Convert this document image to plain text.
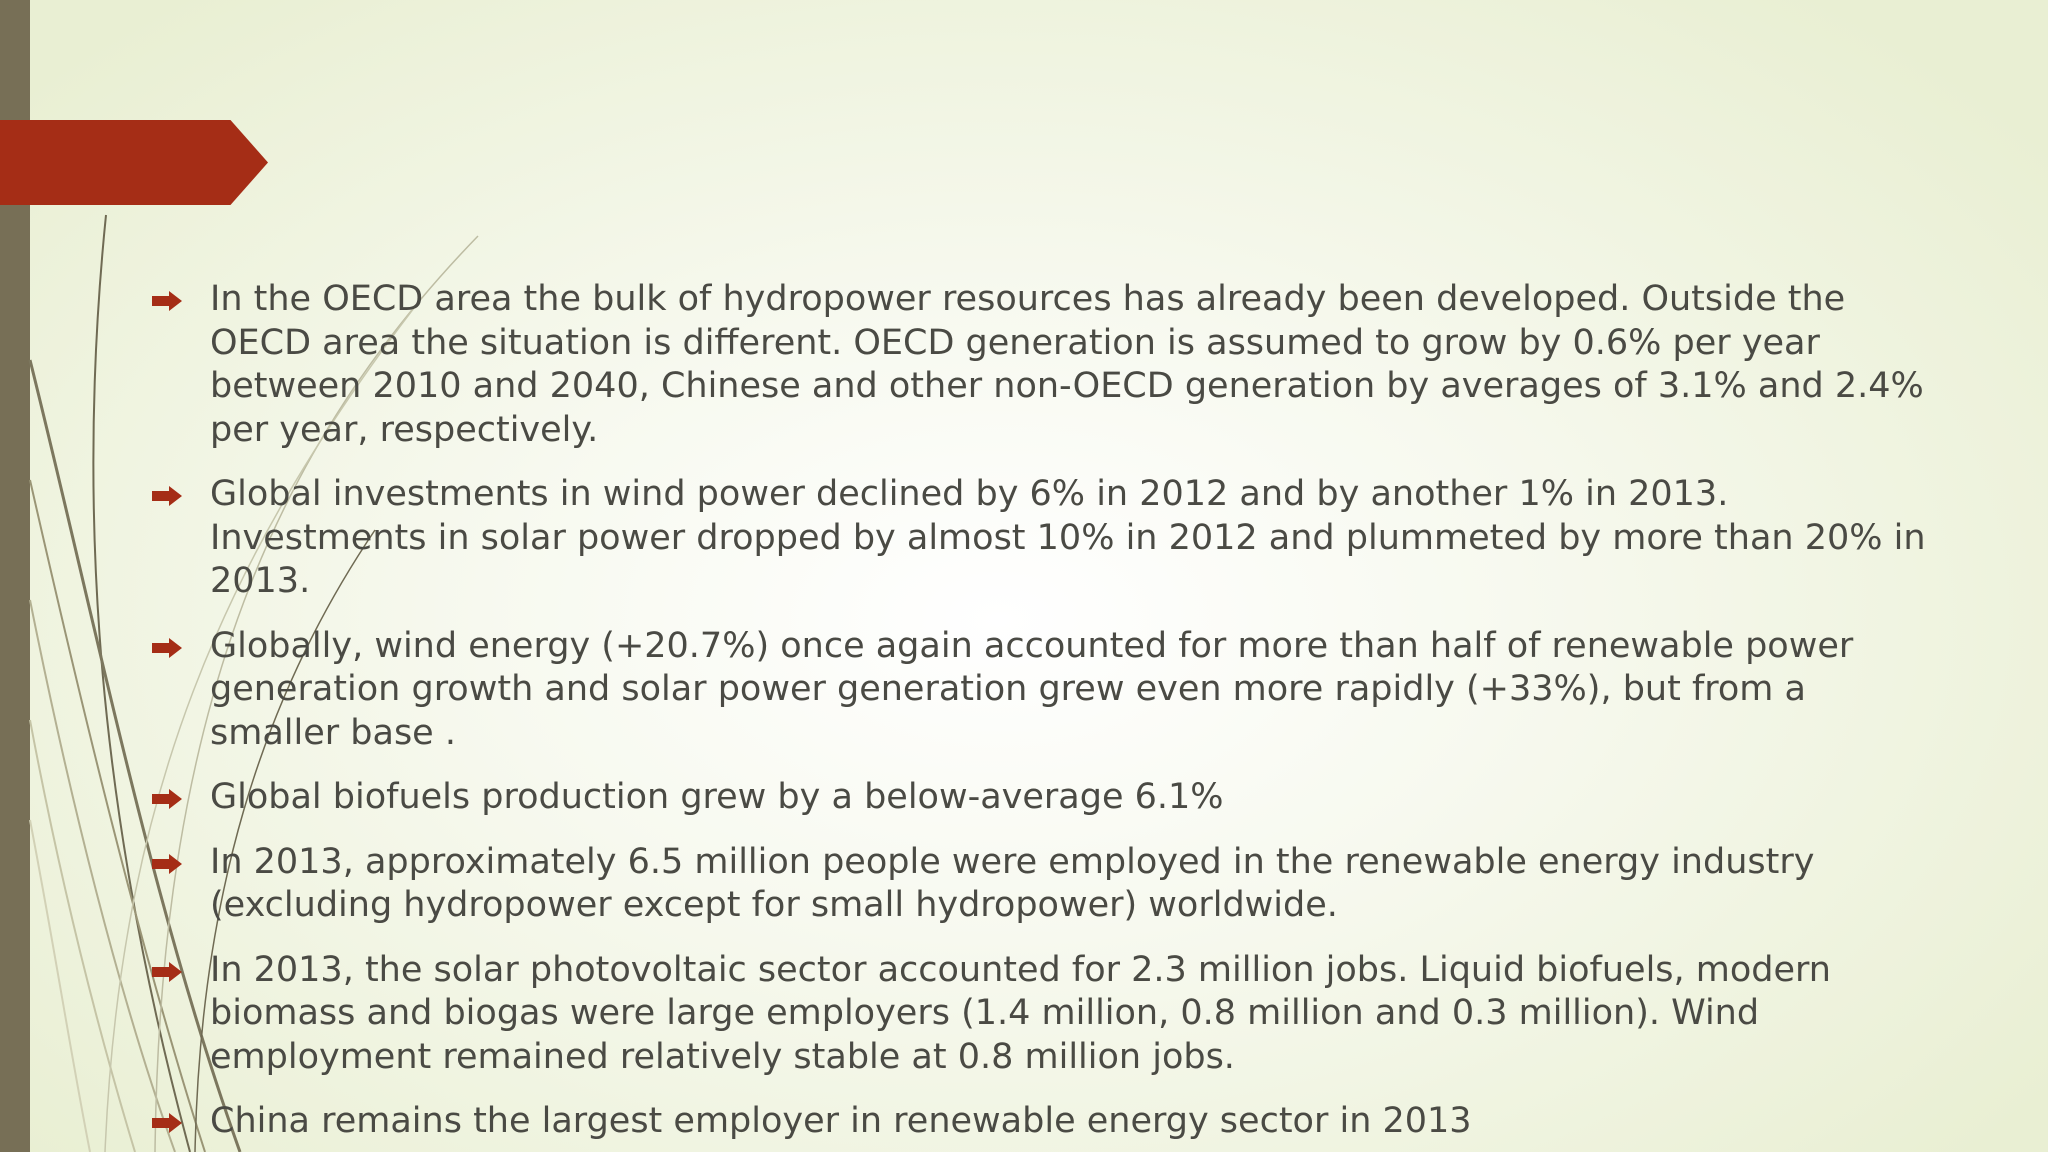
In the OECD area the bulk of hydropower resources has already been developed. Outside the OECD area the situation is different. OECD generation is assumed to grow by 0.6% per year between 2010 and 2040, Chinese and other non-OECD generation by averages of 3.1% and 2.4% per year, respectively.
Global investments in wind power declined by 6% in 2012 and by another 1% in 2013. Investments in solar power dropped by almost 10% in 2012 and plummeted by more than 20% in 2013.
Globally, wind energy (+20.7%) once again accounted for more than half of renewable power generation growth and solar power generation grew even more rapidly (+33%), but from a smaller base .
Global biofuels production grew by a below-average 6.1%
In 2013, approximately 6.5 million people were employed in the renewable energy industry (excluding hydropower except for small hydropower) worldwide.
In 2013, the solar photovoltaic sector accounted for 2.3 million jobs. Liquid biofuels, modern biomass and biogas were large employers (1.4 million, 0.8 million and 0.3 million). Wind employment remained relatively stable at 0.8 million jobs.
China remains the largest employer in renewable energy sector in 2013
